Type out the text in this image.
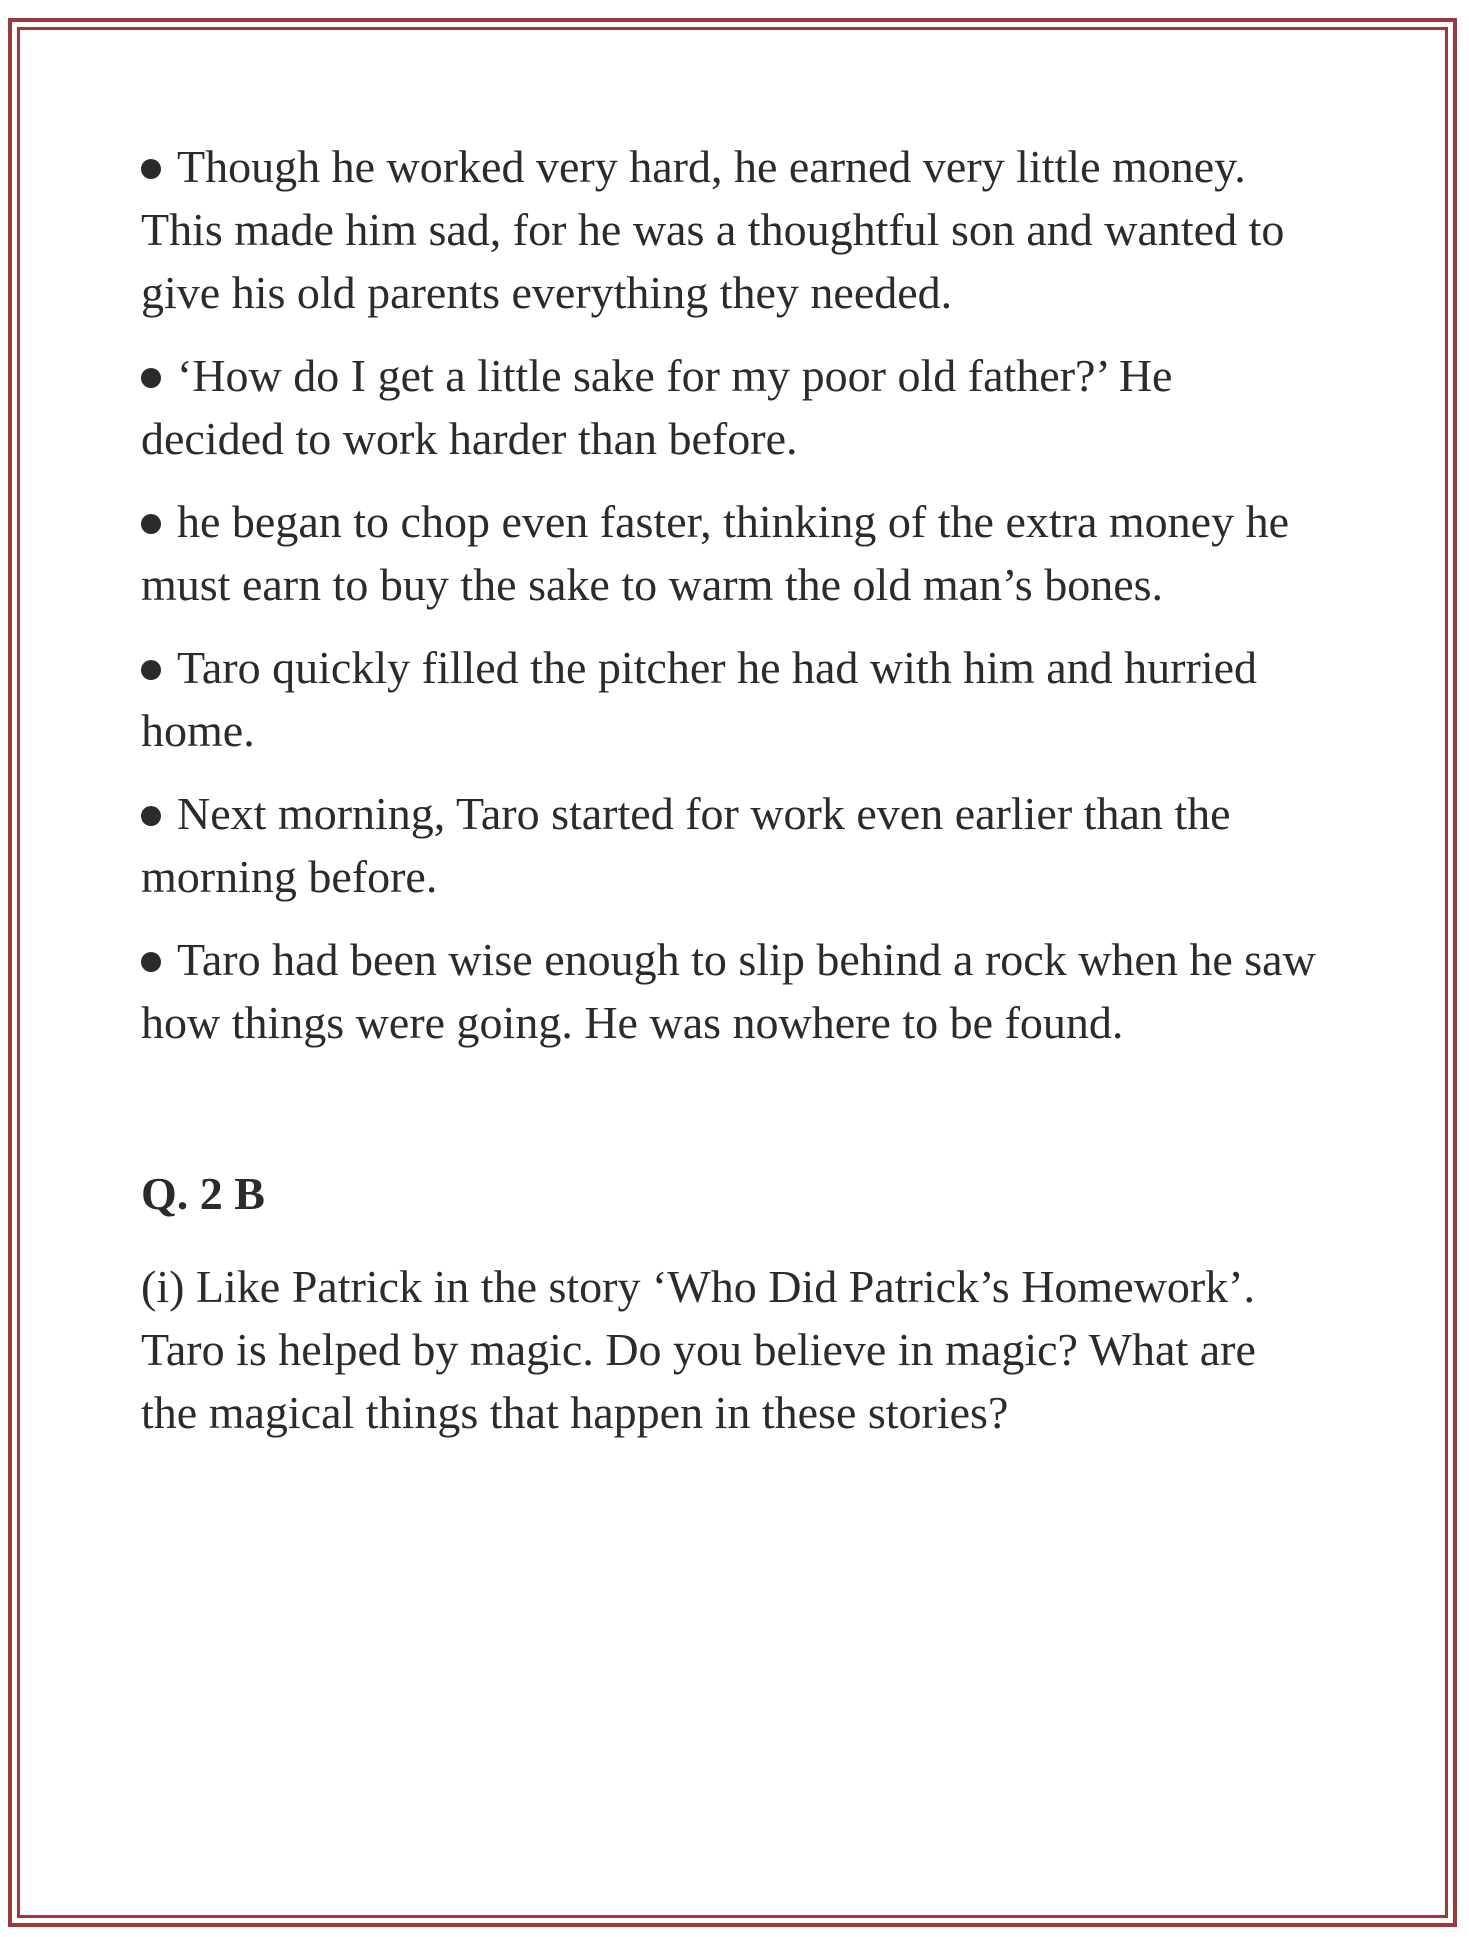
Though he worked very hard, he earned very little money. This made him sad, for he was a thoughtful son and wanted to give his old parents everything they needed.

‘How do I get a little sake for my poor old father?’ He decided to work harder than before.

he began to chop even faster, thinking of the extra money he must earn to buy the sake to warm the old man’s bones.

Taro quickly filled the pitcher he had with him and hurried home.

Next morning, Taro started for work even earlier than the morning before.

Taro had been wise enough to slip behind a rock when he saw how things were going. He was nowhere to be found.

Q. 2 B

(i) Like Patrick in the story ‘Who Did Patrick’s Homework’. Taro is helped by magic. Do you believe in magic? What are the magical things that happen in these stories?
